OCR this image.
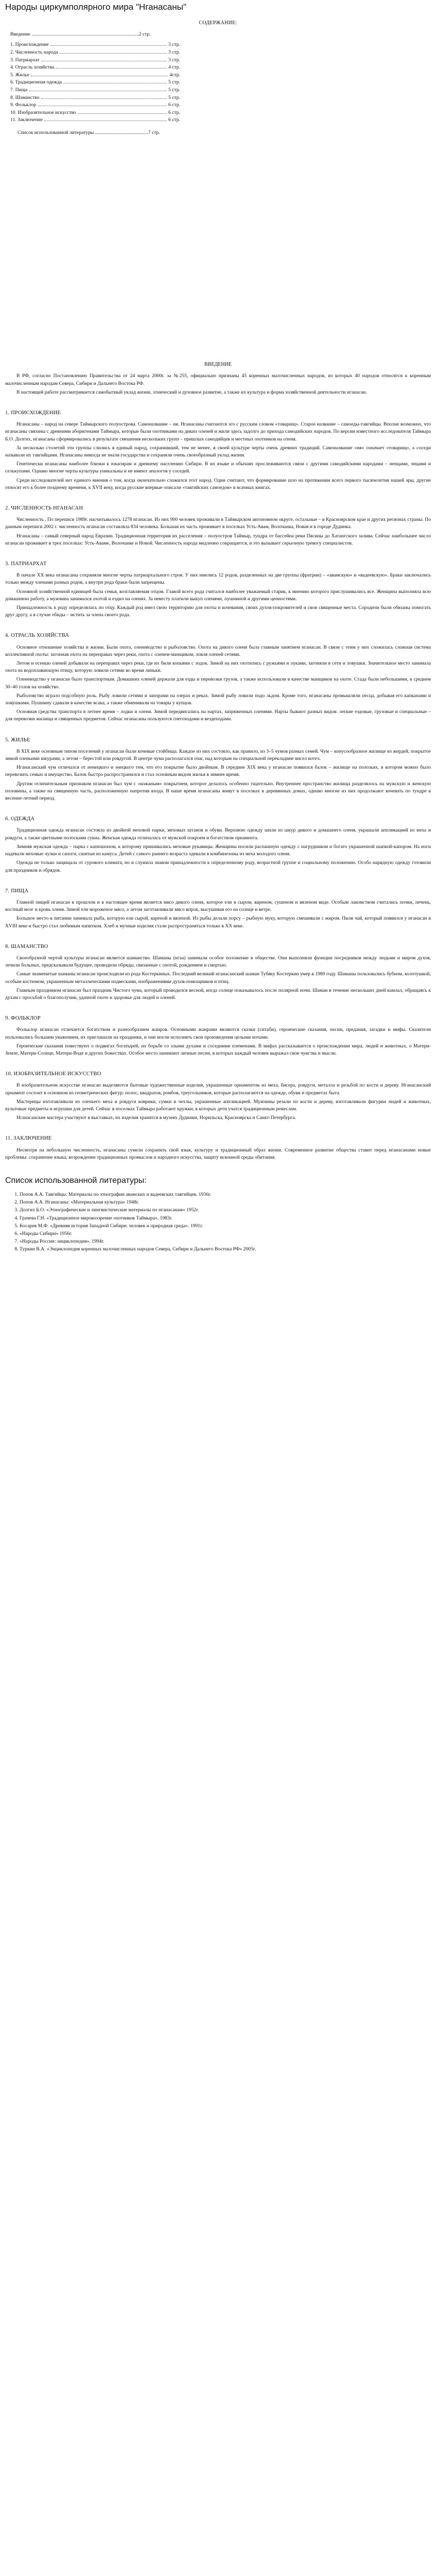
Народы циркумполярного мира "Нганасаны"
СОДЕРЖАНИЕ:
Введение .......................................................................................2 стр.
1. Происхождение	3 стр.
2. Численность народа	3 стр.
3. Патриархат	3 стр.
4. Отрасль хозяйства	4 стр.
5. Жилье	4стр.
6. Традиционная одежда	5 стр.
7. Пища	5 стр.
8. Шаманство	5 стр.
9. Фольклор	6 стр.
10. Изобразительное искусство	6 стр.
11. Заключение	6 стр.
Список использованной литературы ...........................................7 стр.
ВВЕДЕНИЕ

В РФ, согласно Постановлению Правительства от 24 марта 2000г. за №255, официально признаны 45 коренных малочисленных народов, из которых 40 народов относятся к коренным малочисленным народам Севера, Сибири и Дальнего Востока РФ.

В настоящей работе рассматривается самобытный уклад жизни, этнический и духовное развитие, а также их культура и форма хозяйственной деятельности нганасан.

1. ПРОИСХОЖДЕНИЕ

Нганасаны – народ на севере Таймырского полуострова. Самоназвание – ня. Нганасаны считаются эго с русским словом «товарищ». Старое название – самоеды-тавгийцы. Вполне возможно, что нганасаны связаны с древними аборигенами Таймыра, которые были охотниками на диких оленей и жили здесь задолго до прихода самодийских народов. По версии известного исследователя Таймыра Б.О. Долгих, нганасаны сформировались в результате смешения нескольких групп – пришлых самодийцев и местных охотников на оленя.

За несколько столетий эти группы слились в единый народ, сохранивший, тем не менее, в своей культуре черты очень древних традиций. Самоназвание «ня» означает «товарищ», а соседи называли их тавгийцами. Нганасаны никогда не знали государства и сохраняли очень своеобразный уклад жизни.

Генетически нганасаны наиболее близки к юкагирам и древнему населению Сибири. В их языке и обычаях прослеживаются связи с другими самодийскими народами – ненцами, энцами и селькупами. Однако многие черты культуры уникальны и не имеют аналогов у соседей.

Среди исследователей нет единого мнения о том, когда окончательно сложился этот народ. Одни считают, что формирование шло на протяжении всего первого тысячелетия нашей эры, другие относят его к более позднему времени, к XVII веку, когда русские впервые описали «тавгийских самоедов» в ясачных книгах.

2. ЧИСЛЕННОСТЬ НГАНАСАН

Численность . По переписи 1989г. насчитывалось 1278 нганасан. Из них 900 человек проживали в Таймырском автономном округе, остальные – в Красноярском крае и других регионах страны. По данным переписи 2002 г. численность нганасан составляла 834 человека. Большая их часть проживает в поселках Усть-Авам, Волочанка, Новая и в городе Дудинка.

Нганасаны – самый северный народ Евразии. Традиционная территория их расселения – полуостров Таймыр, тундра от бассейна реки Пясины до Хатангского залива. Сейчас наибольшее число нганасан проживает в трех поселках: Усть-Аваме, Волочанке и Новой. Численность народа медленно сокращается, и это вызывает серьезную тревогу специалистов.

3. ПАТРИАРХАТ

В начале XX века нганасаны сохраняли многие черты патриархального строя. У них имелись 12 родов, разделенных на две группы (фратрии) – «авамскую» и «вадеевскую». Браки заключались только между членами разных родов, а внутри рода браки были запрещены.

Основной хозяйственной единицей была семья, возглавляемая отцом. Главой всего рода считался наиболее уважаемый старик, к мнению которого прислушивались все. Женщина выполняла всю домашнюю работу, а мужчина занимался охотой и ездил на оленях. За невесту платили выкуп оленями, пушниной и другими ценностями.

Принадлежность к роду определялась по отцу. Каждый род имел свою территорию для охоты и кочевания, своих духов-покровителей и свои священные места. Сородичи были обязаны помогать друг другу, а в случае обиды – мстить за члена своего рода.

4. ОТРАСЛЬ ХОЗЯЙСТВА

Основное отношение хозяйства и жизни. Были охота, оленеводство и рыболовство. Охота на дикого оленя была главным занятием нганасан. В связи с этим у них сложилась сложная система коллективной охоты: загонная охота на переправах через реки, охота с оленем-манщиком, ловля оленей сетями.

Летом и осенью оленей добывали на переправах через реки, где их били копьями с лодок. Зимой на них охотились с ружьями и луками, загоняли в сети и ловушки. Значительное место занимала охота на водоплавающую птицу, которую ловили сетями во время линьки.

Оленеводство у нганасан было транспортным. Домашних оленей держали для езды и перевозки грузов, а также использовали в качестве манщиков на охоте. Стада были небольшими, в среднем 30–40 голов на хозяйство.

Рыболовство играло подсобную роль. Рыбу ловили сетями и запорами на озерах и реках. Зимой рыбу ловили подо льдом. Кроме того, нганасаны промышляли песца, добывая его капканами и ловушками. Пушнину сдавали в качестве ясака, а также обменивали на товары у купцов.

Основная средства транспорта в летнее время – лодки и олени. Зимой передвигались на нартах, запряженных оленями. Нарты бывают разных видов: легкие ездовые, грузовые и специальные – для перевозки жилища и священных предметов. Сейчас нганасаны пользуются снегоходами и вездеходами.

5. ЖИЛЬЕ

В XIX веке основным типом поселений у нганасан были кочевые стойбища. Каждое из них состояло, как правило, из 3–5 чумов разных семей. Чум – конусообразное жилище из жердей, покрытое зимой оленьими шкурами, а летом – берестой или ровдугой. В центре чума располагался очаг, над которым на специальной перекладине висел котел.

Нганасанский чум отличался от ненецкого и энецкого тем, что его покрытие было двойным. В середине XIX века у нганасан появился балок – жилище на полозьях, в котором можно было перевозить семью и имущество. Балок быстро распространился и стал основным видом жилья в зимнее время.

Другим отличительным признаком нганасан был чум с «кожаным» покрытием, которое делалось особенно тщательно. Внутреннее пространство жилища разделялось на мужскую и женскую половины, а также на священную часть, расположенную напротив входа. В наше время нганасаны живут в поселках в деревянных домах, однако многие из них продолжают кочевать по тундре в весенне-летний период.

6. ОДЕЖДА

Традиционная одежда нганасан состояла из двойной меховой парки, меховых штанов и обуви. Верхнюю одежду шили из шкур дикого и домашнего оленя, украшали аппликацией из меха и ровдуги, а также цветными полосками сукна. Женская одежда отличалась от мужской покроем и богатством орнамента.

Зимняя мужская одежда – парка с капюшоном, к которому пришивались меховые рукавицы. Женщины носили распашную одежду с нагрудником и богато украшенной шапкой-капором. На ноги надевали меховые чулки и сапоги, сшитые из камуса. Детей с самого раннего возраста одевали в комбинезоны из меха молодого оленя.

Одежда не только защищала от сурового климата, но и служила знаком принадлежности к определенному роду, возрастной группе и социальному положению. Особо нарядную одежду готовили для праздников и обрядов.

7. ПИЩА

Главной пищей нганасан в прошлом и в настоящее время является мясо дикого оленя, которое ели в сыром, вареном, сушеном и вяленом виде. Особым лакомством считались почки, печень, костный мозг и кровь оленя. Зимой ели мороженое мясо, а летом заготавливали мясо впрок, высушивая его на солнце и ветре.

Большое место в питании занимала рыба, которую ели сырой, вареной и вяленой. Из рыбы делали порсу – рыбную муку, которую смешивали с жиром. Пили чай, который появился у нганасан в XVIII веке и быстро стал любимым напитком. Хлеб и мучные изделия стали распространяться только в XX веке.

8. ШАМАНСТВО

Своеобразной чертой культуры нганасан является шаманство. Шаманы (нгаа) занимали особое положение в обществе. Они выполняли функции посредников между людьми и миром духов, лечили больных, предсказывали будущее, проводили обряды, связанные с охотой, рождением и смертью.

Самые знаменитые шаманы нганасан происходили из рода Костеркиных. Последний великий нганасанский шаман Тубяку Костеркин умер в 1989 году. Шаманы пользовались бубном, колотушкой, особым костюмом, украшенным металлическими подвесками, изображениями духов-помощников и птиц.

Главным праздником нганасан был праздник Чистого чума, который проводился весной, когда солнце показывалось после полярной ночи. Шаман в течение нескольких дней камлал, обращаясь к духам с просьбой о благополучии, удачной охоте и здоровье для людей и оленей.

9. ФОЛЬКЛОР

Фольклор нганасан отличается богатством и разнообразием жанров. Основными жанрами являются сказки (ситаби), героические сказания, песни, предания, загадки и мифы. Сказители пользовались большим уважением, их приглашали на праздники, и они могли исполнять свои произведения целыми ночами.

Героические сказания повествуют о подвигах богатырей, их борьбе со злыми духами и соседними племенами. В мифах рассказывается о происхождении мира, людей и животных, о Матери-Земле, Матери-Солнце, Матери-Воде и других божествах. Особое место занимают личные песни, в которых каждый человек выражал свои чувства и мысли.

10. ИЗОБРАЗИТЕЛЬНОЕ ИСКУССТВО

В изобразительном искусстве нганасан выделяются бытовые художественные изделия, украшенные орнаментом из меха, бисера, ровдуги, металла и резьбой по кости и дереву. Нганасанский орнамент состоит в основном из геометрических фигур: полос, квадратов, ромбов, треугольников, которые располагаются на одежде, обуви и предметах быта.

Мастерицы изготавливали из оленьего меха и ровдуги коврики, сумки и чехлы, украшенные аппликацией. Мужчины резали по кости и дереву, изготавливали фигурки людей и животных, культовые предметы и игрушки для детей. Сейчас в поселках Таймыра работают кружки, в которых дети учатся традиционным ремеслам.

Нганасанские мастера участвуют в выставках, их изделия хранятся в музеях Дудинки, Норильска, Красноярска и Санкт-Петербурга.

11. ЗАКЛЮЧЕНИЕ

Несмотря на небольшую численность, нганасаны сумели сохранить свой язык, культуру и традиционный образ жизни. Современное развитие общества ставит перед нганасанами новые проблемы: сохранение языка, возрождение традиционных промыслов и народного искусства, защиту исконной среды обитания.

Список использованной литературы:
1. Попов А.А. Тавгийцы: Материалы по этнографии авамских и вадеевских тавгийцев. 1936г.
2. Попов А.А. Нганасаны: «Материальная культура» 1948г.
3. Долгих Б.О. «Этнографические и лингвистические материалы по нганасанам» 1952г.
4. Грачева Г.Н. «Традиционное мировоззрение охотников Таймыра». 1983г.
5. Косарев М.Ф. «Древняя история Западной Сибири: человек и природная среда». 1991г.
6. «Народы Сибири» 1956г.
7. «Народы России: энциклопедия». 1994г.
8. Туркин В.А. «Энциклопедия коренных малочисленных народов Севера, Сибири и Дальнего Востока РФ» 2005г.
